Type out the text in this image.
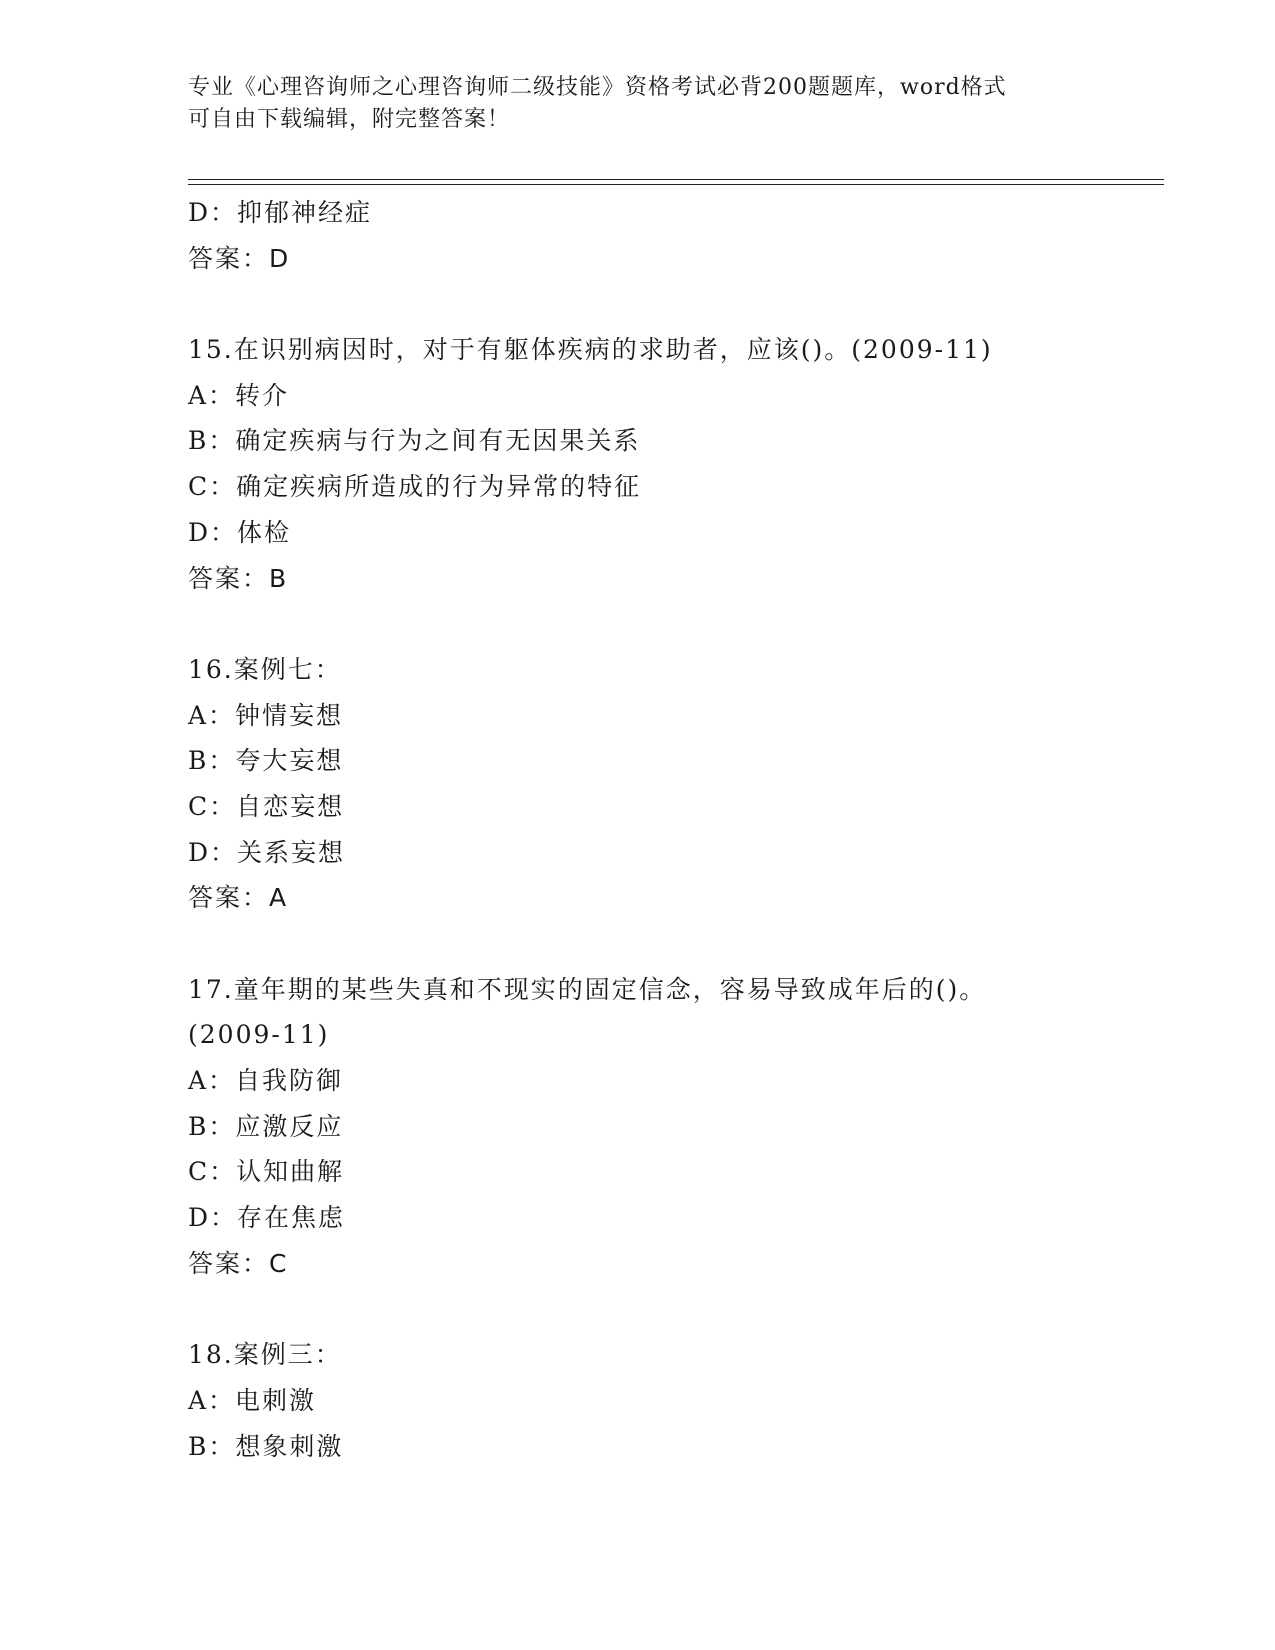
专业《心理咨询师之心理咨询师二级技能》资格考试必背200题题库，word格式
可自由下载编辑，附完整答案！
D：抑郁神经症
答案：D
15.在识别病因时，对于有躯体疾病的求助者，应该()。(2009-11)
A：转介
B：确定疾病与行为之间有无因果关系
C：确定疾病所造成的行为异常的特征
D：体检
答案：B
16.案例七：
A：钟情妄想
B：夸大妄想
C：自恋妄想
D：关系妄想
答案：A
17.童年期的某些失真和不现实的固定信念，容易导致成年后的()。
(2009-11)
A：自我防御
B：应激反应
C：认知曲解
D：存在焦虑
答案：C
18.案例三：
A：电刺激
B：想象刺激
